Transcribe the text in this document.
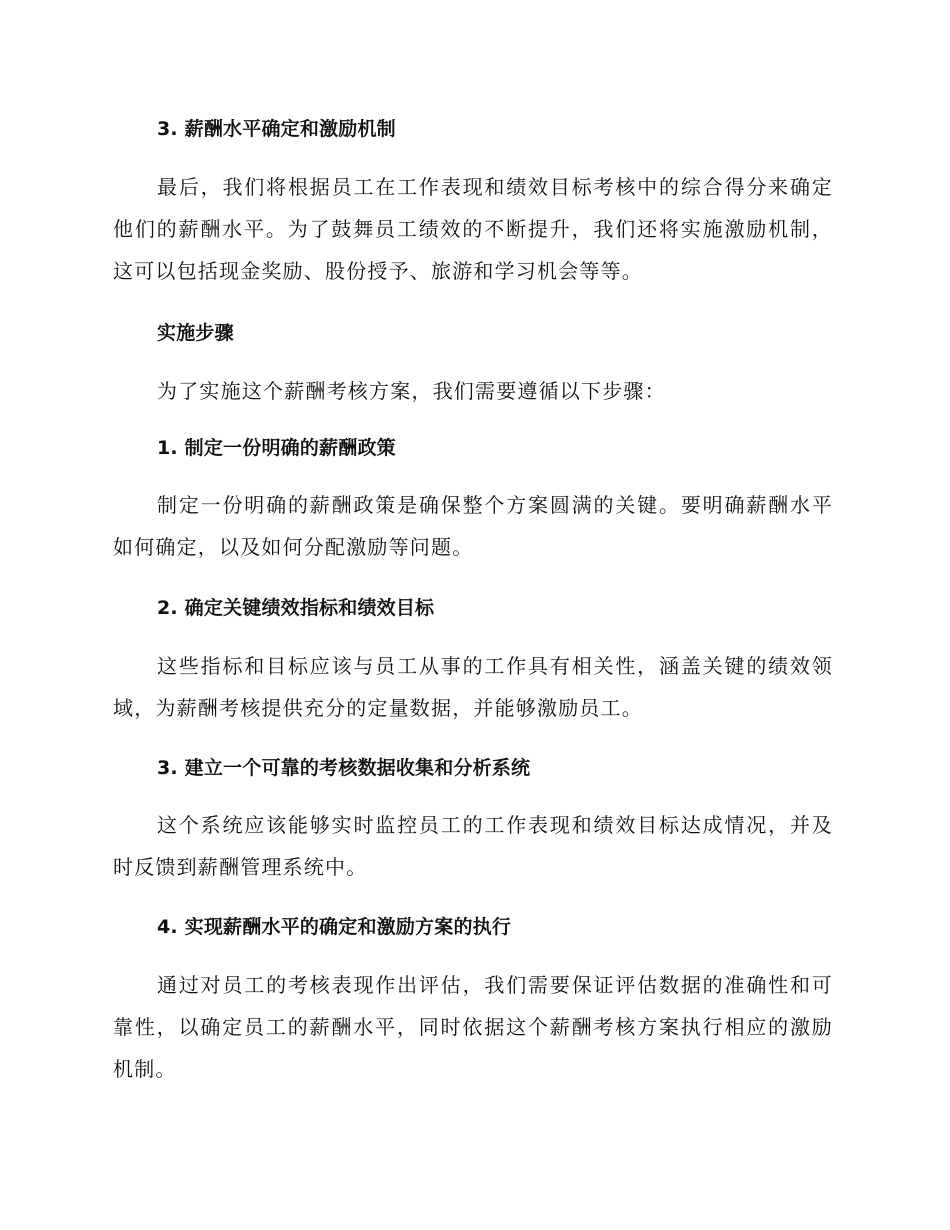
3. 薪酬水平确定和激励机制
最后，我们将根据员工在工作表现和绩效目标考核中的综合得分来确定他们的薪酬水平。为了鼓舞员工绩效的不断提升，我们还将实施激励机制，这可以包括现金奖励、股份授予、旅游和学习机会等等。
实施步骤
为了实施这个薪酬考核方案，我们需要遵循以下步骤：
1. 制定一份明确的薪酬政策
制定一份明确的薪酬政策是确保整个方案圆满的关键。要明确薪酬水平如何确定，以及如何分配激励等问题。
2. 确定关键绩效指标和绩效目标
这些指标和目标应该与员工从事的工作具有相关性，涵盖关键的绩效领域，为薪酬考核提供充分的定量数据，并能够激励员工。
3. 建立一个可靠的考核数据收集和分析系统
这个系统应该能够实时监控员工的工作表现和绩效目标达成情况，并及时反馈到薪酬管理系统中。
4. 实现薪酬水平的确定和激励方案的执行
通过对员工的考核表现作出评估，我们需要保证评估数据的准确性和可靠性，以确定员工的薪酬水平，同时依据这个薪酬考核方案执行相应的激励机制。
